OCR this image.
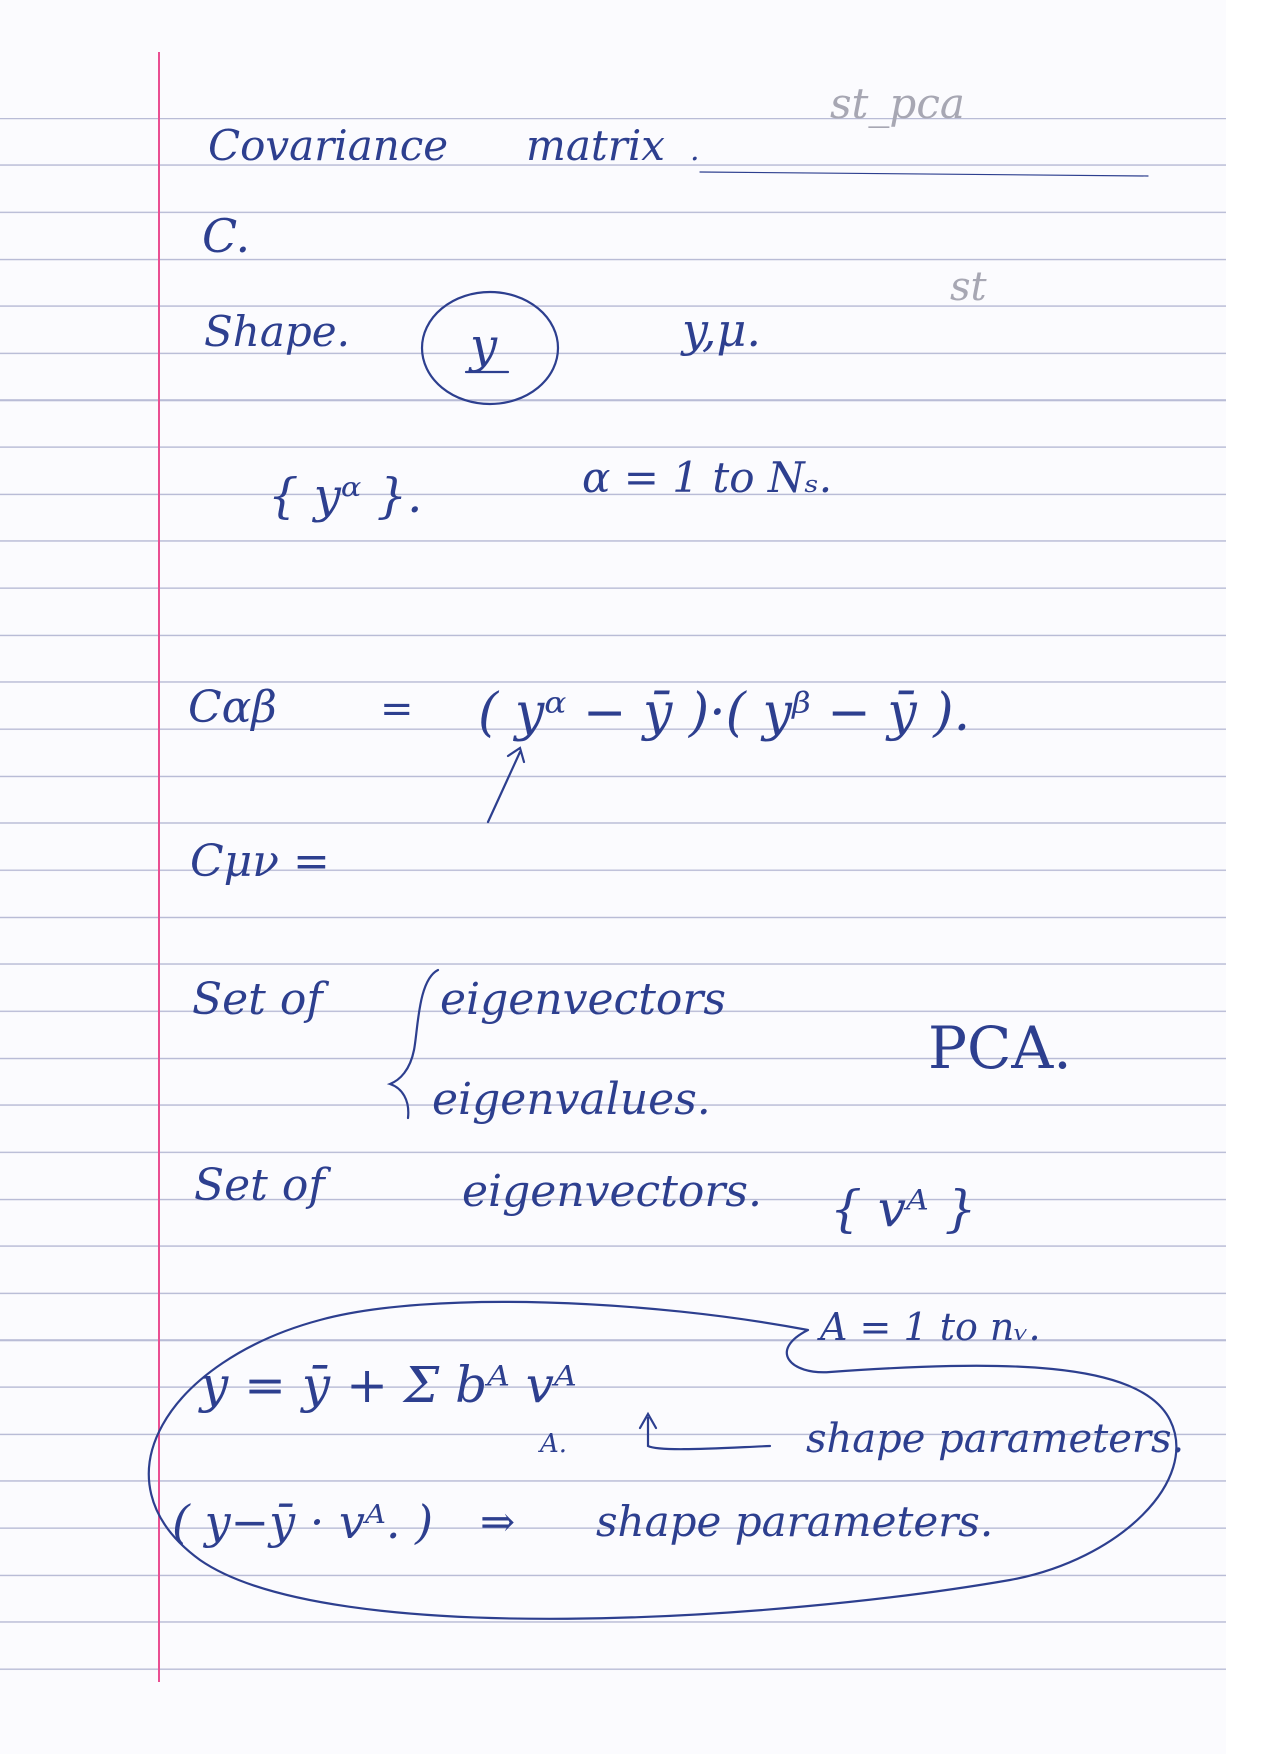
st_pca
st
Covariance matrix .
C.
Shape.	y	y,μ.
{ yᵅ }.	α = 1 to Nₛ.
Cαβ	= ( yᵅ − ȳ )·( yᵝ − ȳ ).
Cμν =
Set of	eigenvectors
eigenvalues.
PCA.
Set of	eigenvectors. { vᴬ }
A = 1 to nᵥ.
y = ȳ + Σ bᴬ vᴬ
A.	shape parameters.
( y−ȳ · vᴬ. ) ⇒ shape parameters.
